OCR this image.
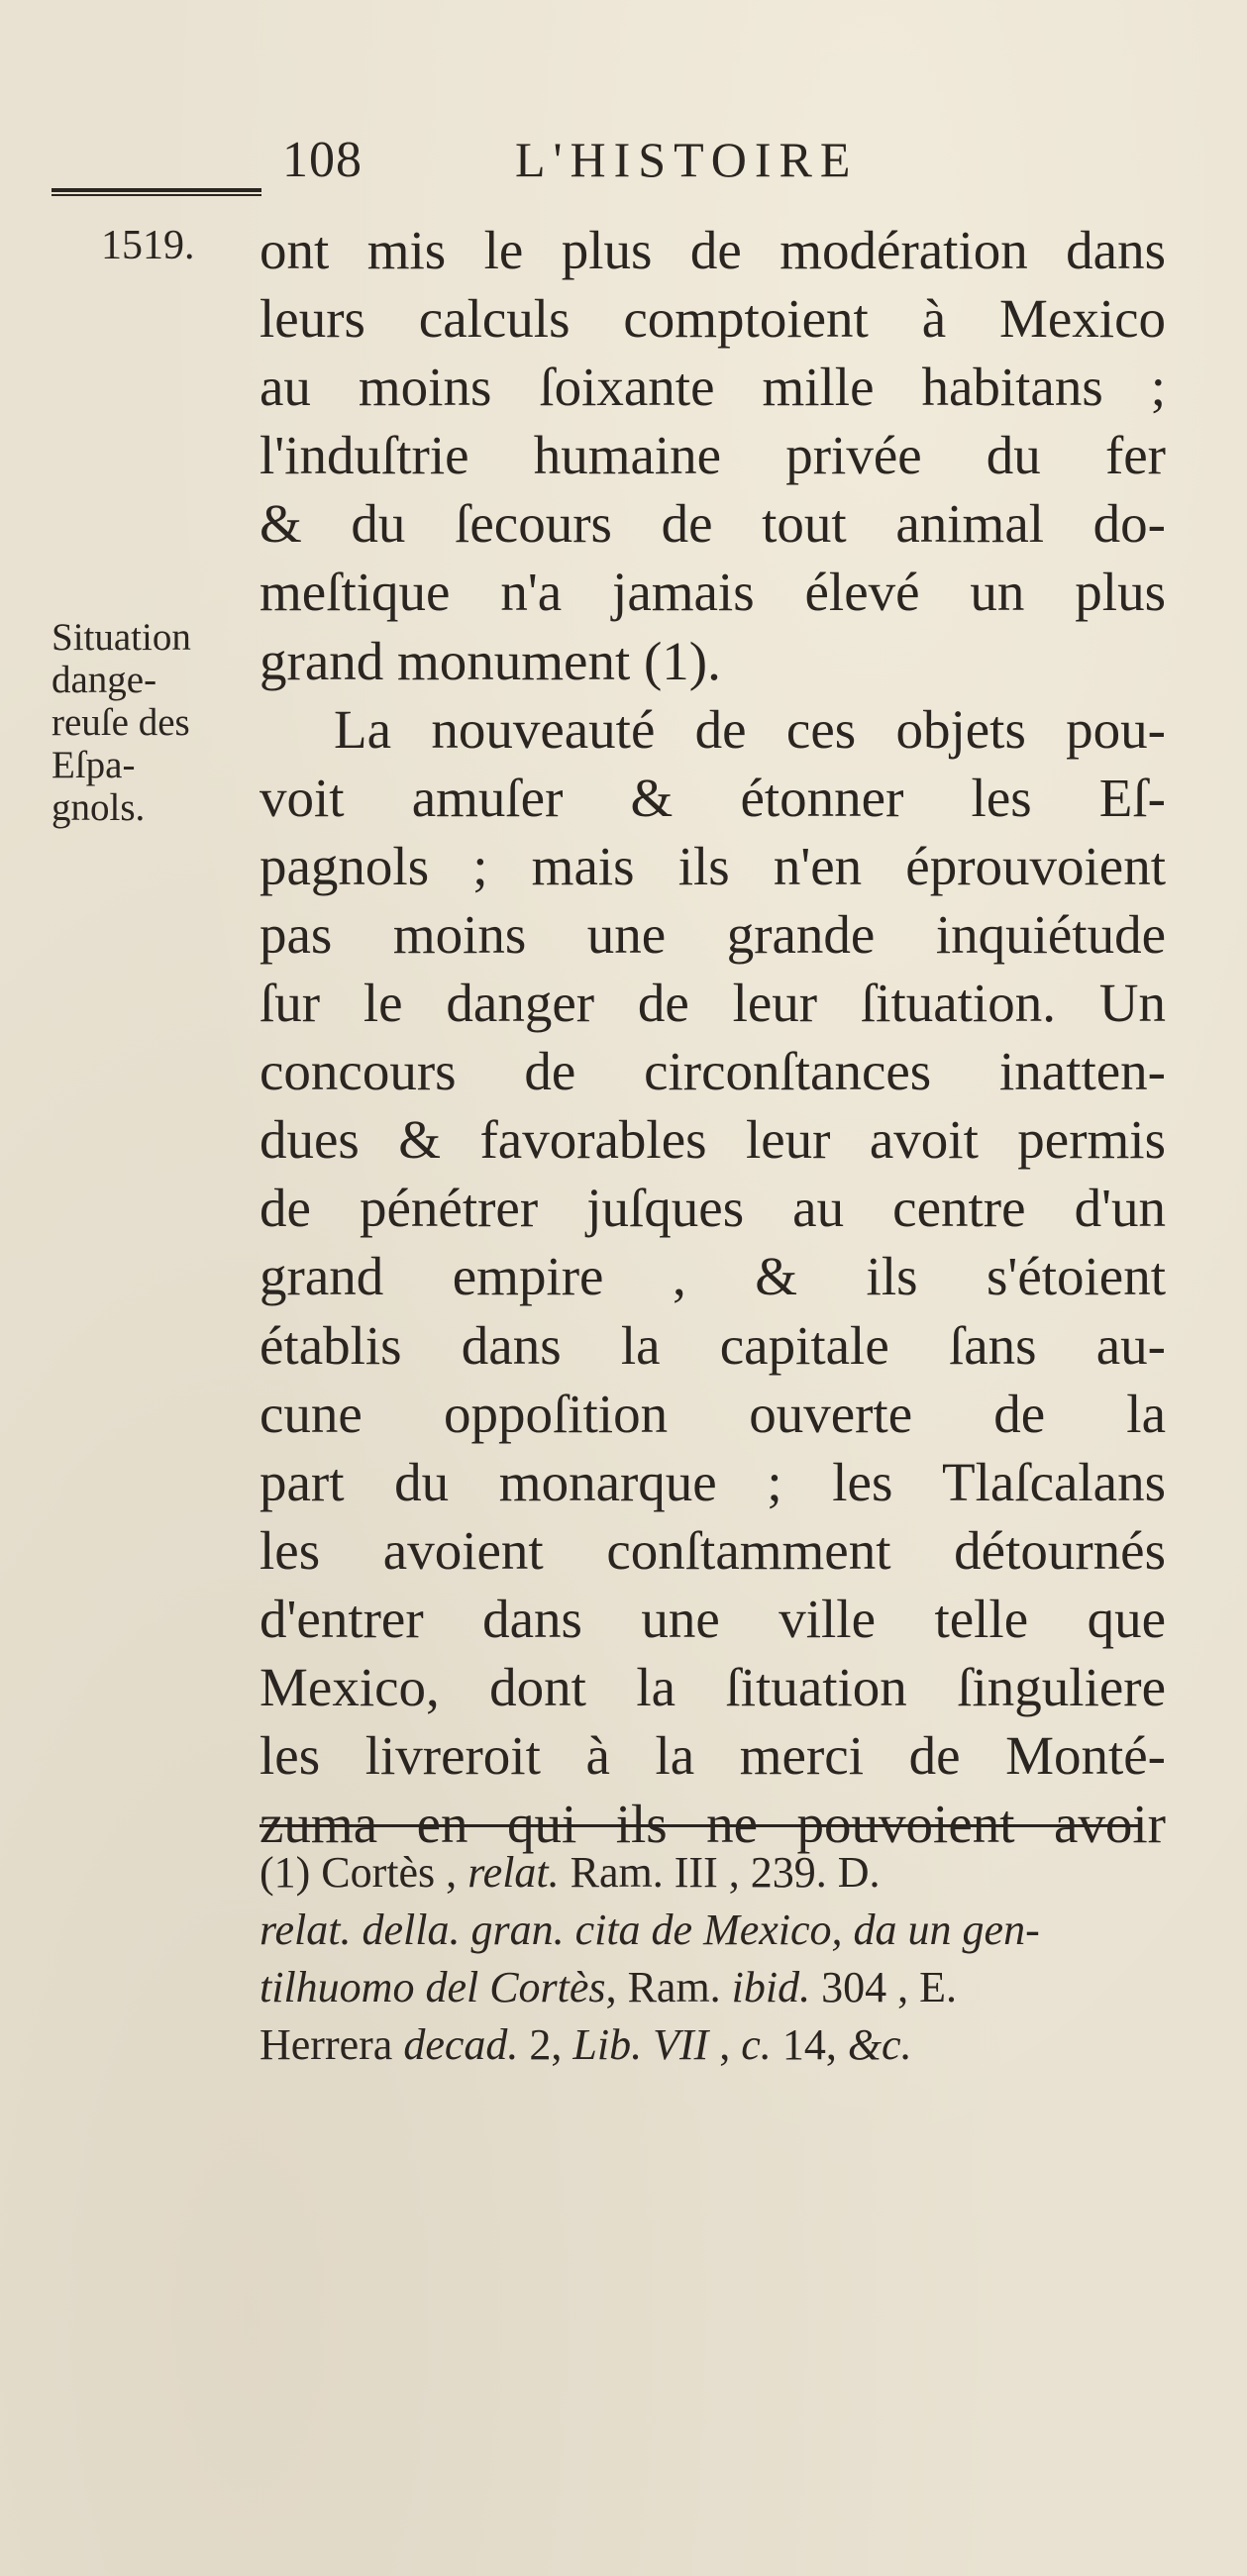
108	L'HISTOIRE
1519.
Situation
dange-
reuſe des
Eſpa-
gnols.
ont mis le plus de modération dans
leurs calculs comptoient à Mexico
au moins ſoixante mille habitans ;
l'induſtrie humaine privée du fer
& du ſecours de tout animal do-
meſtique n'a jamais élevé un plus
grand monument (1).
La nouveauté de ces objets pou-
voit amuſer & étonner les Eſ-
pagnols ; mais ils n'en éprouvoient
pas moins une grande inquiétude
ſur le danger de leur ſituation. Un
concours de circonſtances inatten-
dues & favorables leur avoit permis
de pénétrer juſques au centre d'un
grand empire , & ils s'étoient
établis dans la capitale ſans au-
cune oppoſition ouverte de la
part du monarque ; les Tlaſcalans
les avoient conſtamment détournés
d'entrer dans une ville telle que
Mexico, dont la ſituation ſinguliere
les livreroit à la merci de Monté-
zuma en qui ils ne pouvoient avoir
(1) Cortès , relat. Ram. III , 239. D.
relat. della. gran. cita de Mexico, da un gen-
tilhuomo del Cortès, Ram. ibid. 304 , E.
Herrera decad. 2, Lib. VII , c. 14, &c.
